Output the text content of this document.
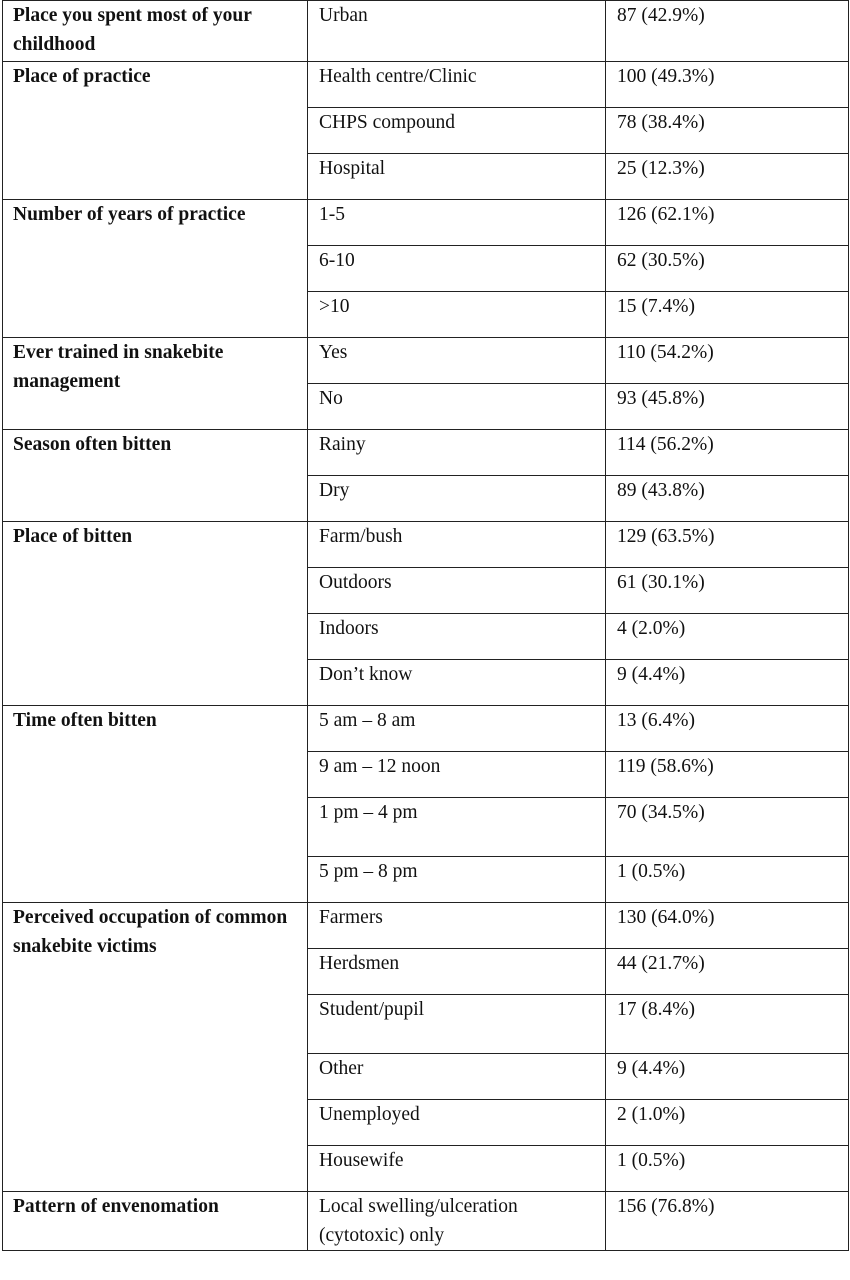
Place you spent most of your childhood	Urban	87 (42.9%)
Place of practice	Health centre/Clinic	100 (49.3%)
	CHPS compound	78 (38.4%)
	Hospital	25 (12.3%)
Number of years of practice	1-5	126 (62.1%)
	6-10	62 (30.5%)
	>10	15 (7.4%)
Ever trained in snakebite management	Yes	110 (54.2%)
	No	93 (45.8%)
Season often bitten	Rainy	114 (56.2%)
	Dry	89 (43.8%)
Place of bitten	Farm/bush	129 (63.5%)
	Outdoors	61 (30.1%)
	Indoors	4 (2.0%)
	Don’t know	9 (4.4%)
Time often bitten	5 am – 8 am	13 (6.4%)
	9 am – 12 noon	119 (58.6%)
	1 pm – 4 pm	70 (34.5%)
	5 pm – 8 pm	1 (0.5%)
Perceived occupation of common snakebite victims	Farmers	130 (64.0%)
	Herdsmen	44 (21.7%)
	Student/pupil	17 (8.4%)
	Other	9 (4.4%)
	Unemployed	2 (1.0%)
	Housewife	1 (0.5%)
Pattern of envenomation	Local swelling/ulceration (cytotoxic) only	156 (76.8%)
